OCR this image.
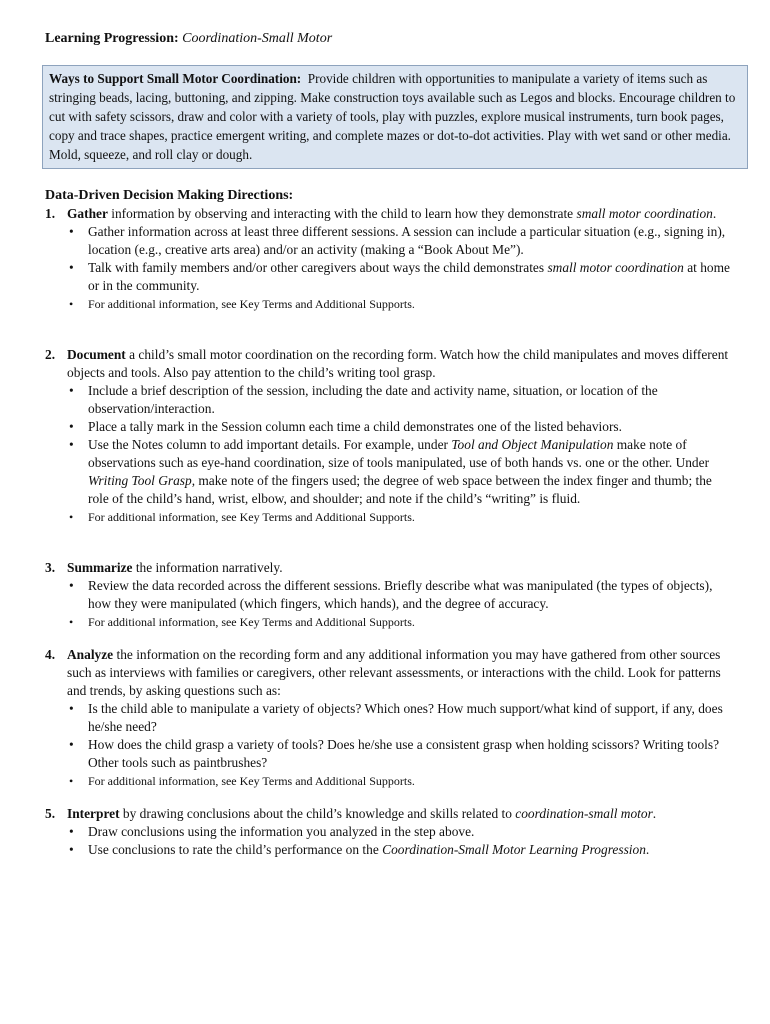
Learning Progression: Coordination-Small Motor
Ways to Support Small Motor Coordination: Provide children with opportunities to manipulate a variety of items such as stringing beads, lacing, buttoning, and zipping. Make construction toys available such as Legos and blocks. Encourage children to cut with safety scissors, draw and color with a variety of tools, play with puzzles, explore musical instruments, turn book pages, copy and trace shapes, practice emergent writing, and complete mazes or dot-to-dot activities. Play with wet sand or other media. Mold, squeeze, and roll clay or dough.
Data-Driven Decision Making Directions:
1. Gather information by observing and interacting with the child to learn how they demonstrate small motor coordination.
• Gather information across at least three different sessions. A session can include a particular situation (e.g., signing in), location (e.g., creative arts area) and/or an activity (making a “Book About Me”).
• Talk with family members and/or other caregivers about ways the child demonstrates small motor coordination at home or in the community.
• For additional information, see Key Terms and Additional Supports.
2. Document a child’s small motor coordination on the recording form. Watch how the child manipulates and moves different objects and tools. Also pay attention to the child’s writing tool grasp.
• Include a brief description of the session, including the date and activity name, situation, or location of the observation/interaction.
• Place a tally mark in the Session column each time a child demonstrates one of the listed behaviors.
• Use the Notes column to add important details. For example, under Tool and Object Manipulation make note of observations such as eye-hand coordination, size of tools manipulated, use of both hands vs. one or the other. Under Writing Tool Grasp, make note of the fingers used; the degree of web space between the index finger and thumb; the role of the child’s hand, wrist, elbow, and shoulder; and note if the child’s “writing” is fluid.
• For additional information, see Key Terms and Additional Supports.
3. Summarize the information narratively.
• Review the data recorded across the different sessions. Briefly describe what was manipulated (the types of objects), how they were manipulated (which fingers, which hands), and the degree of accuracy.
• For additional information, see Key Terms and Additional Supports.
4. Analyze the information on the recording form and any additional information you may have gathered from other sources such as interviews with families or caregivers, other relevant assessments, or interactions with the child. Look for patterns and trends, by asking questions such as:
• Is the child able to manipulate a variety of objects? Which ones? How much support/what kind of support, if any, does he/she need?
• How does the child grasp a variety of tools? Does he/she use a consistent grasp when holding scissors? Writing tools? Other tools such as paintbrushes?
• For additional information, see Key Terms and Additional Supports.
5. Interpret by drawing conclusions about the child’s knowledge and skills related to coordination-small motor.
• Draw conclusions using the information you analyzed in the step above.
• Use conclusions to rate the child’s performance on the Coordination-Small Motor Learning Progression.
